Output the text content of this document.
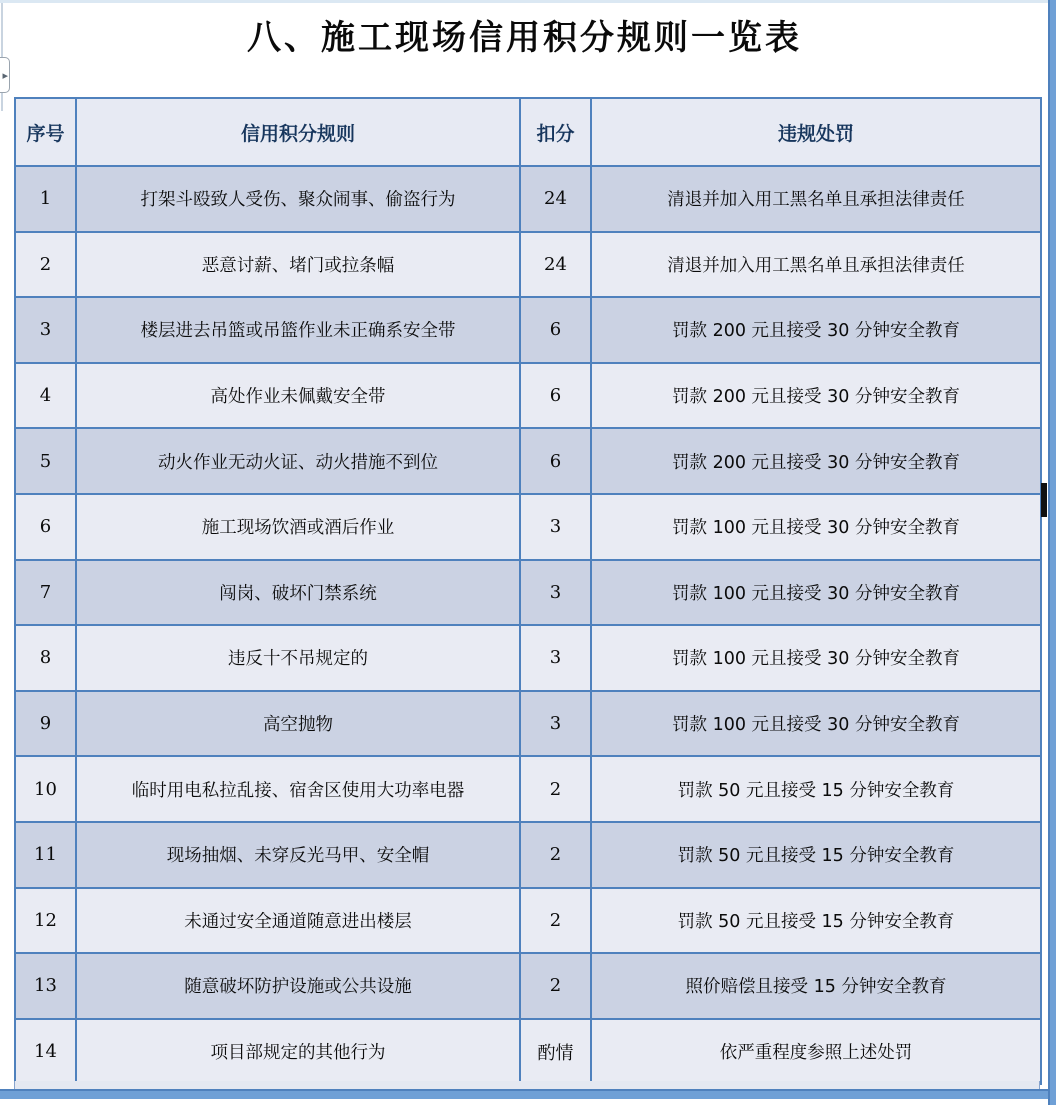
▸
八、施工现场信用积分规则一览表
序号	信用积分规则	扣分	违规处罚
1	打架斗殴致人受伤、聚众闹事、偷盗行为	24	清退并加入用工黑名单且承担法律责任
2	恶意讨薪、堵门或拉条幅	24	清退并加入用工黑名单且承担法律责任
3	楼层进去吊篮或吊篮作业未正确系安全带	6	罚款 200 元且接受 30 分钟安全教育
4	高处作业未佩戴安全带	6	罚款 200 元且接受 30 分钟安全教育
5	动火作业无动火证、动火措施不到位	6	罚款 200 元且接受 30 分钟安全教育
6	施工现场饮酒或酒后作业	3	罚款 100 元且接受 30 分钟安全教育
7	闯岗、破坏门禁系统	3	罚款 100 元且接受 30 分钟安全教育
8	违反十不吊规定的	3	罚款 100 元且接受 30 分钟安全教育
9	高空抛物	3	罚款 100 元且接受 30 分钟安全教育
10	临时用电私拉乱接、宿舍区使用大功率电器	2	罚款 50 元且接受 15 分钟安全教育
11	现场抽烟、未穿反光马甲、安全帽	2	罚款 50 元且接受 15 分钟安全教育
12	未通过安全通道随意进出楼层	2	罚款 50 元且接受 15 分钟安全教育
13	随意破坏防护设施或公共设施	2	照价赔偿且接受 15 分钟安全教育
14	项目部规定的其他行为	酌情	依严重程度参照上述处罚
